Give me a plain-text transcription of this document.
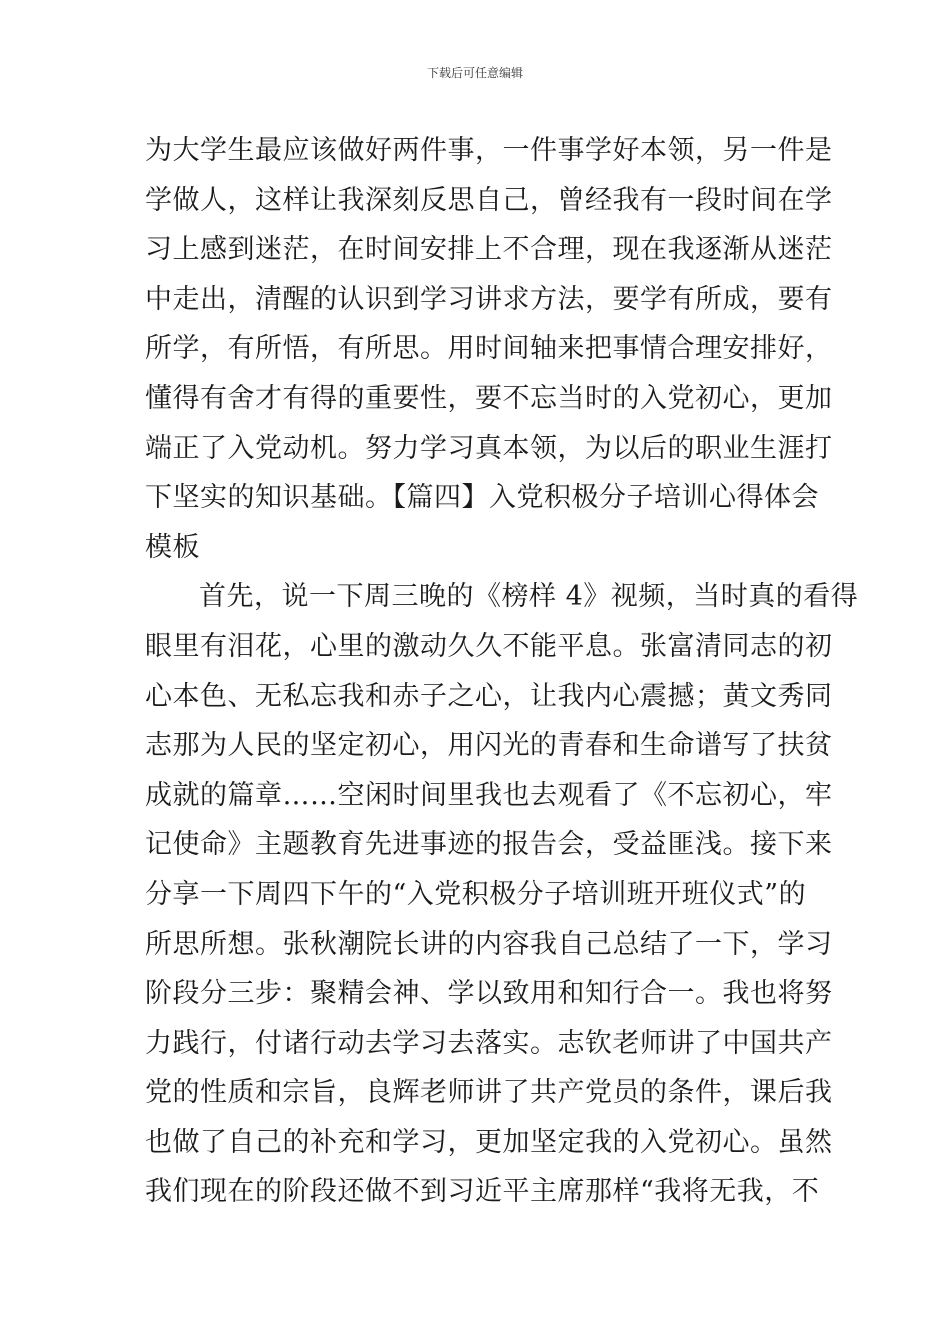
下载后可任意编辑
为大学生最应该做好两件事，一件事学好本领，另一件是
学做人，这样让我深刻反思自己，曾经我有一段时间在学
习上感到迷茫，在时间安排上不合理，现在我逐渐从迷茫
中走出，清醒的认识到学习讲求方法，要学有所成，要有
所学，有所悟，有所思。用时间轴来把事情合理安排好，
懂得有舍才有得的重要性，要不忘当时的入党初心，更加
端正了入党动机。努力学习真本领，为以后的职业生涯打
下坚实的知识基础。【篇四】入党积极分子培训心得体会
模板
首先，说一下周三晚的《榜样 4》视频，当时真的看得
眼里有泪花，心里的激动久久不能平息。张富清同志的初
心本色、无私忘我和赤子之心，让我内心震撼；黄文秀同
志那为人民的坚定初心，用闪光的青春和生命谱写了扶贫
成就的篇章……空闲时间里我也去观看了《不忘初心，牢
记使命》主题教育先进事迹的报告会，受益匪浅。接下来
分享一下周四下午的“入党积极分子培训班开班仪式”的
所思所想。张秋潮院长讲的内容我自己总结了一下，学习
阶段分三步：聚精会神、学以致用和知行合一。我也将努
力践行，付诸行动去学习去落实。志钦老师讲了中国共产
党的性质和宗旨，良辉老师讲了共产党员的条件，课后我
也做了自己的补充和学习，更加坚定我的入党初心。虽然
我们现在的阶段还做不到习近平主席那样“我将无我，不
